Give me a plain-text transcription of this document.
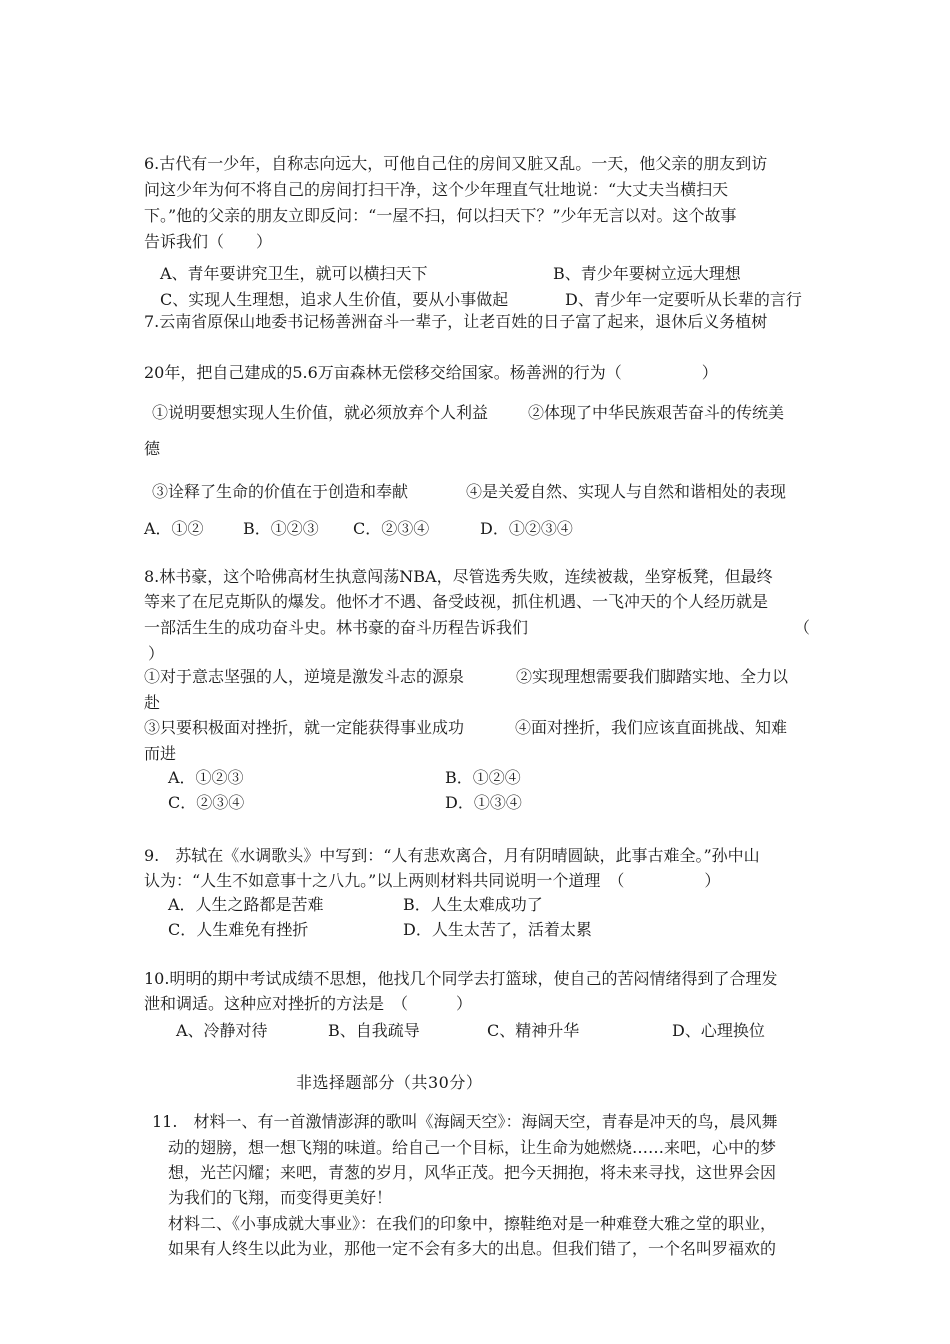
6.古代有一少年，自称志向远大，可他自己住的房间又脏又乱。一天，他父亲的朋友到访
问这少年为何不将自己的房间打扫干净，这个少年理直气壮地说：“大丈夫当横扫天
下。”他的父亲的朋友立即反问：“一屋不扫，何以扫天下？”少年无言以对。这个故事
告诉我们（　　）
A、青年要讲究卫生，就可以横扫天下	B、青少年要树立远大理想
C、实现人生理想，追求人生价值，要从小事做起	D、青少年一定要听从长辈的言行
7.云南省原保山地委书记杨善洲奋斗一辈子，让老百姓的日子富了起来，退休后义务植树
20年，把自己建成的5.6万亩森林无偿移交给国家。杨善洲的行为（　　　　　）
①说明要想实现人生价值，就必须放弃个人利益 ②体现了中华民族艰苦奋斗的传统美
德
③诠释了生命的价值在于创造和奉献	④是关爱自然、实现人与自然和谐相处的表现
A．①② B．①②③ C．②③④	D．①②③④
8.林书豪，这个哈佛高材生执意闯荡NBA，尽管选秀失败，连续被裁，坐穿板凳，但最终
等来了在尼克斯队的爆发。他怀才不遇、备受歧视，抓住机遇、一飞冲天的个人经历就是
一部活生生的成功奋斗史。林书豪的奋斗历程告诉我们	（
）
①对于意志坚强的人，逆境是激发斗志的源泉	②实现理想需要我们脚踏实地、全力以
赴
③只要积极面对挫折，就一定能获得事业成功	④面对挫折，我们应该直面挑战、知难
而进
A．①②③	B．①②④
C．②③④	D．①③④
9.　苏轼在《水调歌头》中写到：“人有悲欢离合，月有阴晴圆缺，此事古难全。”孙中山
认为：“人生不如意事十之八九。”以上两则材料共同说明一个道理　（　　　　　）
A．人生之路都是苦难	B．人生太难成功了
C．人生难免有挫折	D．人生太苦了，活着太累
10.明明的期中考试成绩不思想，他找几个同学去打篮球，使自己的苦闷情绪得到了合理发
泄和调适。这种应对挫折的方法是　（　　　）
A、冷静对待	B、自我疏导	C、精神升华	D、心理换位
非选择题部分（共30分）
11.　材料一、有一首激情澎湃的歌叫《海阔天空》：海阔天空，青春是冲天的鸟，晨风舞
动的翅膀，想一想飞翔的味道。给自己一个目标，让生命为她燃烧……来吧，心中的梦
想，光芒闪耀；来吧，青葱的岁月，风华正茂。把今天拥抱，将未来寻找，这世界会因
为我们的飞翔，而变得更美好！
材料二、《小事成就大事业》：在我们的印象中，擦鞋绝对是一种难登大雅之堂的职业，
如果有人终生以此为业，那他一定不会有多大的出息。但我们错了，一个名叫罗福欢的
